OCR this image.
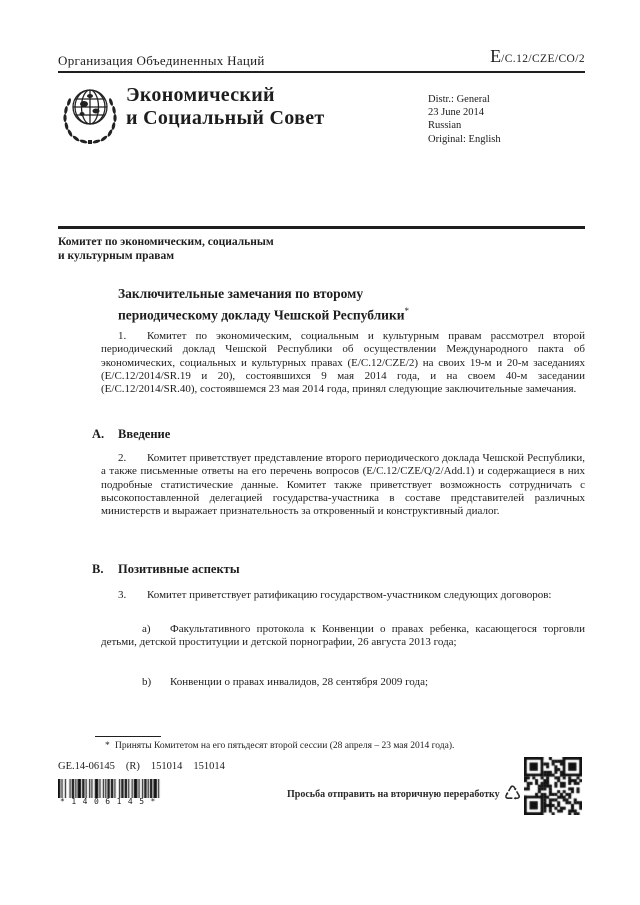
Организация Объединенных Наций	E/C.12/CZE/CO/2
Экономический
и Социальный Совет
Distr.: General
23 June 2014
Russian
Original: English
Комитет по экономическим, социальным
и культурным правам
Заключительные замечания по второму
периодическому докладу Чешской Республики*
1. Комитет по экономическим, социальным и культурным правам рассмотрел второй периодический доклад Чешской Республики об осуществлении Международного пакта об экономических, социальных и культурных правах (E/C.12/CZE/2) на своих 19-м и 20-м заседаниях (E/C.12/2014/SR.19 и 20), состоявшихся 9 мая 2014 года, и на своем 40-м заседании (E/C.12/2014/SR.40), состоявшемся 23 мая 2014 года, принял следующие заключительные замечания.
A.	Введение
2. Комитет приветствует представление второго периодического доклада Чешской Республики, а также письменные ответы на его перечень вопросов (E/C.12/CZE/Q/2/Add.1) и содержащиеся в них подробные статистические данные. Комитет также приветствует возможность сотрудничать с высокопоставленной делегацией государства-участника в составе представителей различных министерств и выражает признательность за откровенный и конструктивный диалог.
B.	Позитивные аспекты
3. Комитет приветствует ратификацию государством-участником следующих договоров:
a) Факультативного протокола к Конвенции о правах ребенка, касающегося торговли детьми, детской проституции и детской порнографии, 26 августа 2013 года;
b) Конвенции о правах инвалидов, 28 сентября 2009 года;
* Приняты Комитетом на его пятьдесят второй сессии (28 апреля – 23 мая 2014 года).
GE.14-06145 (R) 151014 151014
*1406145*
Просьба отправить на вторичную переработку ♺
